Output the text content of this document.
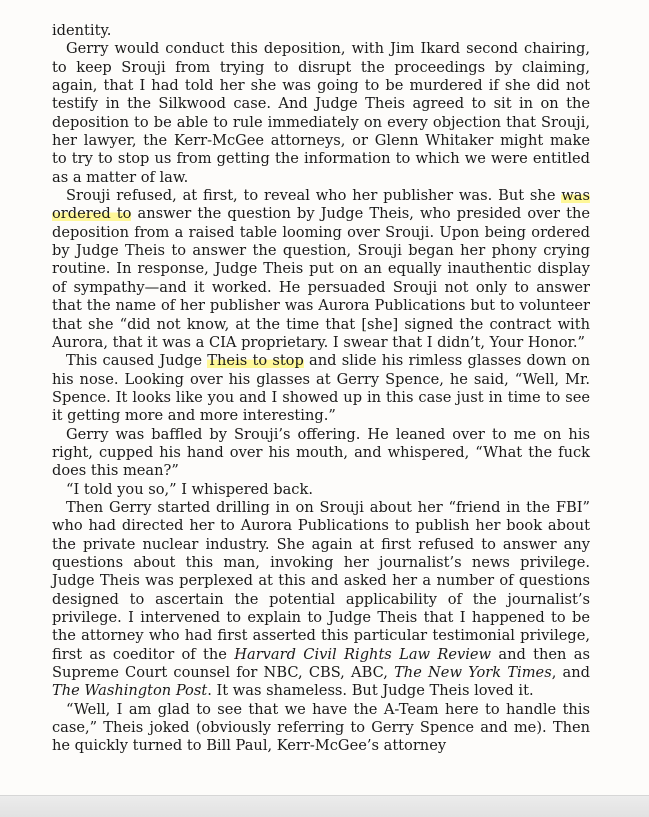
identity.

Gerry would conduct this deposition, with Jim Ikard second chairing, to keep Srouji from trying to disrupt the proceedings by claiming, again, that I had told her she was going to be murdered if she did not testify in the Silkwood case. And Judge Theis agreed to sit in on the deposition to be able to rule immediately on every objection that Srouji, her lawyer, the Kerr-McGee attorneys, or Glenn Whitaker might make to try to stop us from getting the information to which we were entitled as a matter of law.

Srouji refused, at first, to reveal who her publisher was. But she was ordered to answer the question by Judge Theis, who presided over the deposition from a raised table looming over Srouji. Upon being ordered by Judge Theis to answer the question, Srouji began her phony crying routine. In response, Judge Theis put on an equally inauthentic display of sympathy—and it worked. He persuaded Srouji not only to answer that the name of her publisher was Aurora Publications but to volunteer that she “did not know, at the time that [she] signed the contract with Aurora, that it was a CIA proprietary. I swear that I didn’t, Your Honor.”

This caused Judge Theis to stop and slide his rimless glasses down on his nose. Looking over his glasses at Gerry Spence, he said, “Well, Mr. Spence. It looks like you and I showed up in this case just in time to see it getting more and more interesting.”

Gerry was baffled by Srouji’s offering. He leaned over to me on his right, cupped his hand over his mouth, and whispered, “What the fuck does this mean?”

“I told you so,” I whispered back.

Then Gerry started drilling in on Srouji about her “friend in the FBI” who had directed her to Aurora Publications to publish her book about the private nuclear industry. She again at first refused to answer any questions about this man, invoking her journalist’s news privilege. Judge Theis was perplexed at this and asked her a number of questions designed to ascertain the potential applicability of the journalist’s privilege. I intervened to explain to Judge Theis that I happened to be the attorney who had first asserted this particular testimonial privilege, first as coeditor of the Harvard Civil Rights Law Review and then as Supreme Court counsel for NBC, CBS, ABC, The New York Times, and The Washington Post. It was shameless. But Judge Theis loved it.

“Well, I am glad to see that we have the A-Team here to handle this case,” Theis joked (obviously referring to Gerry Spence and me). Then he quickly turned to Bill Paul, Kerr-McGee’s attorney
